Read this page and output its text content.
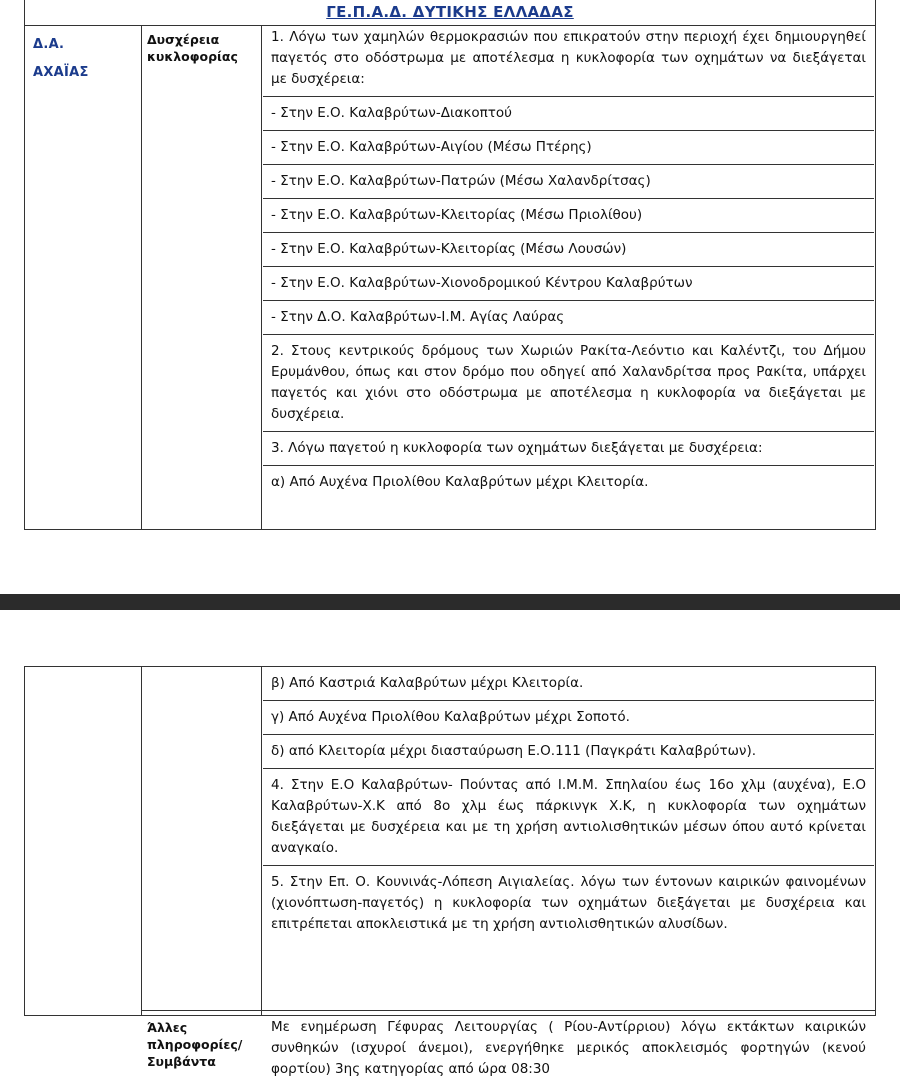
ΓΕ.Π.Α.Δ. ΔΥΤΙΚΗΣ ΕΛΛΑΔΑΣ
Δ.Α.
ΑΧΑΪΑΣ
Δυσχέρεια κυκλοφορίας
1. Λόγω των χαμηλών θερμοκρασιών που επικρατούν στην περιοχή έχει δημιουργηθεί παγετός στο οδόστρωμα με αποτέλεσμα η κυκλοφορία των οχημάτων να διεξάγεται με δυσχέρεια:
- Στην Ε.Ο. Καλαβρύτων-Διακοπτού
- Στην Ε.Ο. Καλαβρύτων-Αιγίου (Μέσω Πτέρης)
- Στην Ε.Ο. Καλαβρύτων-Πατρών (Μέσω Χαλανδρίτσας)
- Στην Ε.Ο. Καλαβρύτων-Κλειτορίας (Μέσω Πριολίθου)
- Στην Ε.Ο. Καλαβρύτων-Κλειτορίας (Μέσω Λουσών)
- Στην Ε.Ο. Καλαβρύτων-Χιονοδρομικού Κέντρου Καλαβρύτων
- Στην Δ.Ο. Καλαβρύτων-Ι.Μ. Αγίας Λαύρας
2. Στους κεντρικούς δρόμους των Χωριών Ρακίτα-Λεόντιο και Καλέντζι, του Δήμου Ερυμάνθου, όπως και στον δρόμο που οδηγεί από Χαλανδρίτσα προς Ρακίτα, υπάρχει παγετός και χιόνι στο οδόστρωμα με αποτέλεσμα η κυκλοφορία να διεξάγεται με δυσχέρεια.
3. Λόγω παγετού η κυκλοφορία των οχημάτων διεξάγεται με δυσχέρεια:
α) Από Αυχένα Πριολίθου Καλαβρύτων μέχρι Κλειτορία.
β) Από Καστριά Καλαβρύτων μέχρι Κλειτορία.
γ) Από Αυχένα Πριολίθου Καλαβρύτων μέχρι Σοποτό.
δ) από Κλειτορία μέχρι διασταύρωση Ε.Ο.111 (Παγκράτι Καλαβρύτων).
4. Στην Ε.Ο Καλαβρύτων- Πούντας από Ι.Μ.Μ. Σπηλαίου έως 16ο χλμ (αυχένα), Ε.Ο Καλαβρύτων-Χ.Κ από 8ο χλμ έως πάρκινγκ Χ.Κ, η κυκλοφορία των οχημάτων διεξάγεται με δυσχέρεια και με τη χρήση αντιολισθητικών μέσων όπου αυτό κρίνεται αναγκαίο.
5. Στην Επ. Ο. Κουνινάς-Λόπεση Αιγιαλείας. λόγω των έντονων καιρικών φαινομένων (χιονόπτωση-παγετός) η κυκλοφορία των οχημάτων διεξάγεται με δυσχέρεια και επιτρέπεται αποκλειστικά με τη χρήση αντιολισθητικών αλυσίδων.
Άλλες πληροφορίες/ Συμβάντα
Με ενημέρωση Γέφυρας Λειτουργίας ( Ρίου-Αντίρριου) λόγω εκτάκτων καιρικών συνθηκών (ισχυροί άνεμοι), ενεργήθηκε μερικός αποκλεισμός φορτηγών (κενού φορτίου) 3ης κατηγορίας από ώρα 08:30
